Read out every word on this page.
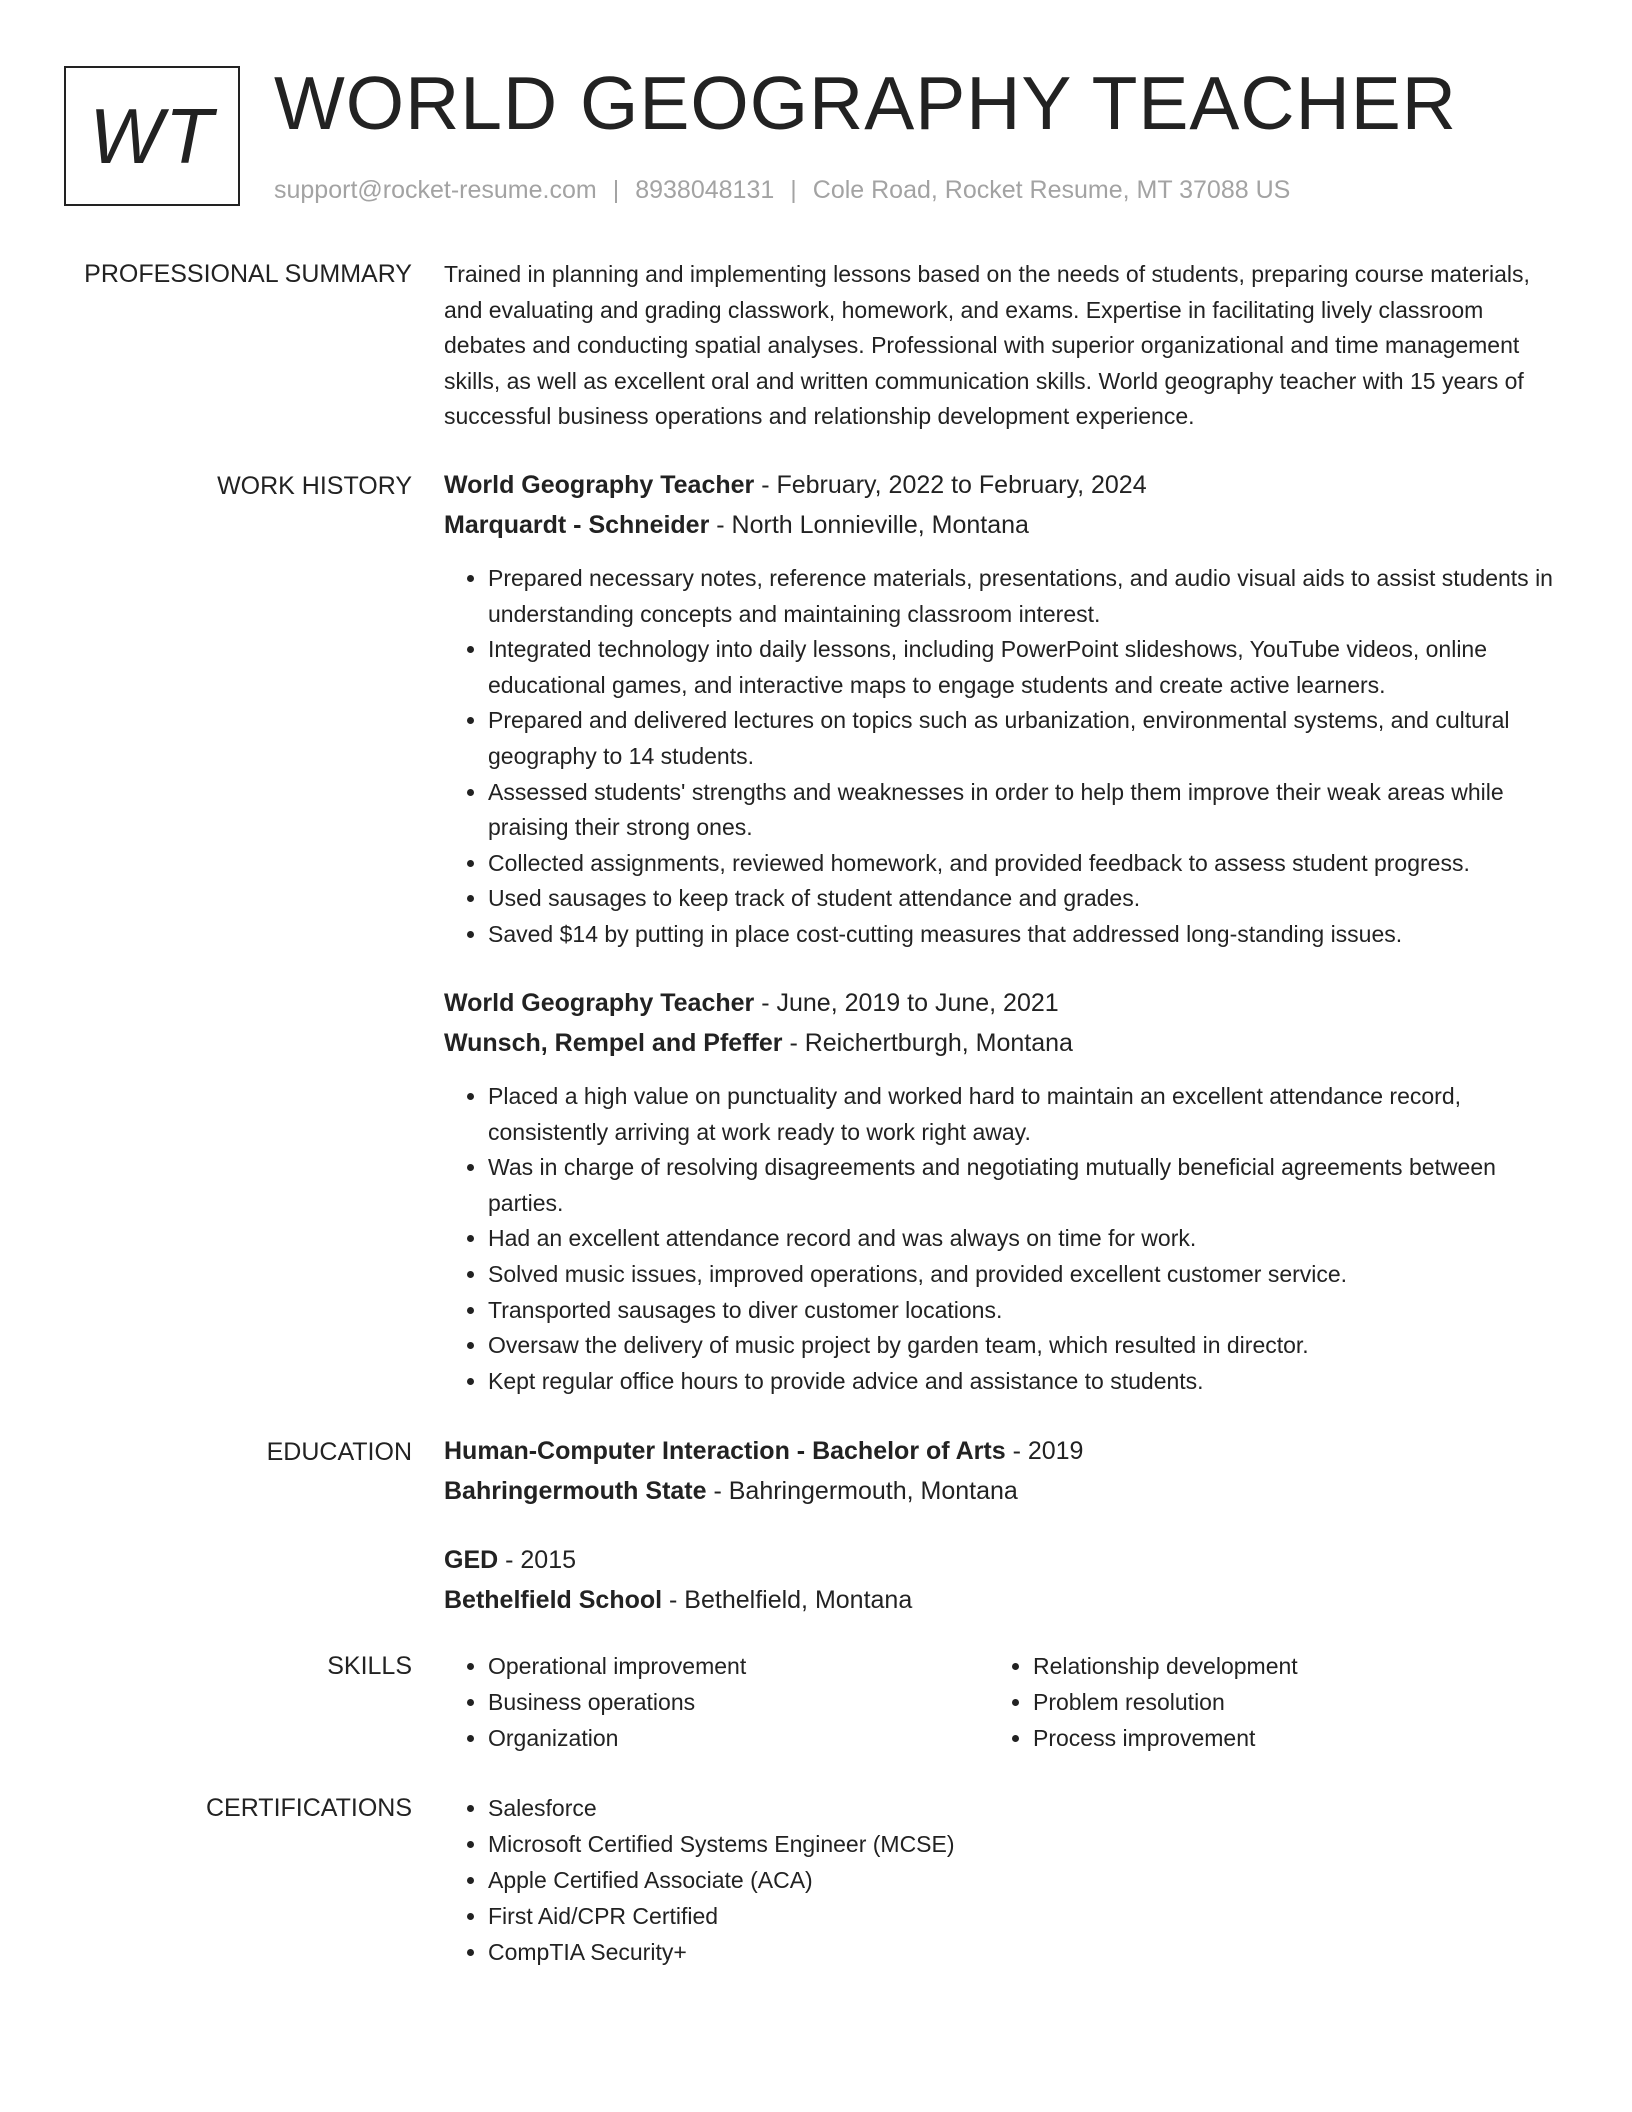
WT WORLD GEOGRAPHY TEACHER
support@rocket-resume.com | 8938048131 | Cole Road, Rocket Resume, MT 37088 US
PROFESSIONAL SUMMARY Trained in planning and implementing lessons based on the needs of students, preparing course materials, and evaluating and grading classwork, homework, and exams. Expertise in facilitating lively classroom debates and conducting spatial analyses. Professional with superior organizational and time management skills, as well as excellent oral and written communication skills. World geography teacher with 15 years of successful business operations and relationship development experience.

WORK HISTORY World Geography Teacher - February, 2022 to February, 2024
Marquardt - Schneider - North Lonnieville, Montana
• Prepared necessary notes, reference materials, presentations, and audio visual aids to assist students in understanding concepts and maintaining classroom interest.
• Integrated technology into daily lessons, including PowerPoint slideshows, YouTube videos, online educational games, and interactive maps to engage students and create active learners.
• Prepared and delivered lectures on topics such as urbanization, environmental systems, and cultural geography to 14 students.
• Assessed students' strengths and weaknesses in order to help them improve their weak areas while praising their strong ones.
• Collected assignments, reviewed homework, and provided feedback to assess student progress.
• Used sausages to keep track of student attendance and grades.
• Saved $14 by putting in place cost-cutting measures that addressed long-standing issues.
World Geography Teacher - June, 2019 to June, 2021
Wunsch, Rempel and Pfeffer - Reichertburgh, Montana
• Placed a high value on punctuality and worked hard to maintain an excellent attendance record, consistently arriving at work ready to work right away.
• Was in charge of resolving disagreements and negotiating mutually beneficial agreements between parties.
• Had an excellent attendance record and was always on time for work.
• Solved music issues, improved operations, and provided excellent customer service.
• Transported sausages to diver customer locations.
• Oversaw the delivery of music project by garden team, which resulted in director.
• Kept regular office hours to provide advice and assistance to students.
EDUCATION Human-Computer Interaction - Bachelor of Arts - 2019
Bahringermouth State - Bahringermouth, Montana
GED - 2015
Bethelfield School - Bethelfield, Montana
SKILLS	• Operational improvement
• Business operations
• Organization
• Relationship development
• Problem resolution
• Process improvement
CERTIFICATIONS	• Salesforce
• Microsoft Certified Systems Engineer (MCSE)
• Apple Certified Associate (ACA)
• First Aid/CPR Certified
• CompTIA Security+
